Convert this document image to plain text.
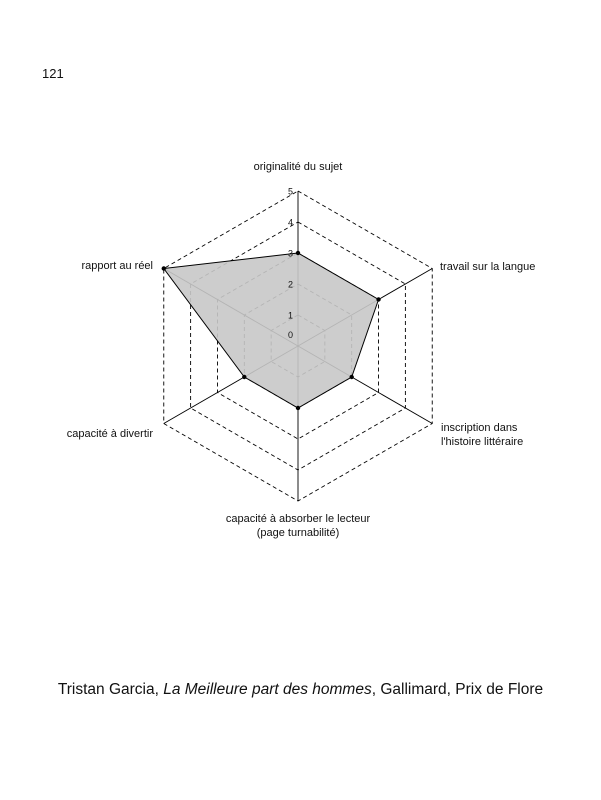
121
0
1
2
3
4
5
originalité du sujet
travail sur la langue
inscription dans l'histoire littéraire
capacité à absorber le lecteur (page turnabilité)
capacité à divertir
rapport au réel
Tristan Garcia, La Meilleure part des hommes, Gallimard, Prix de Flore
